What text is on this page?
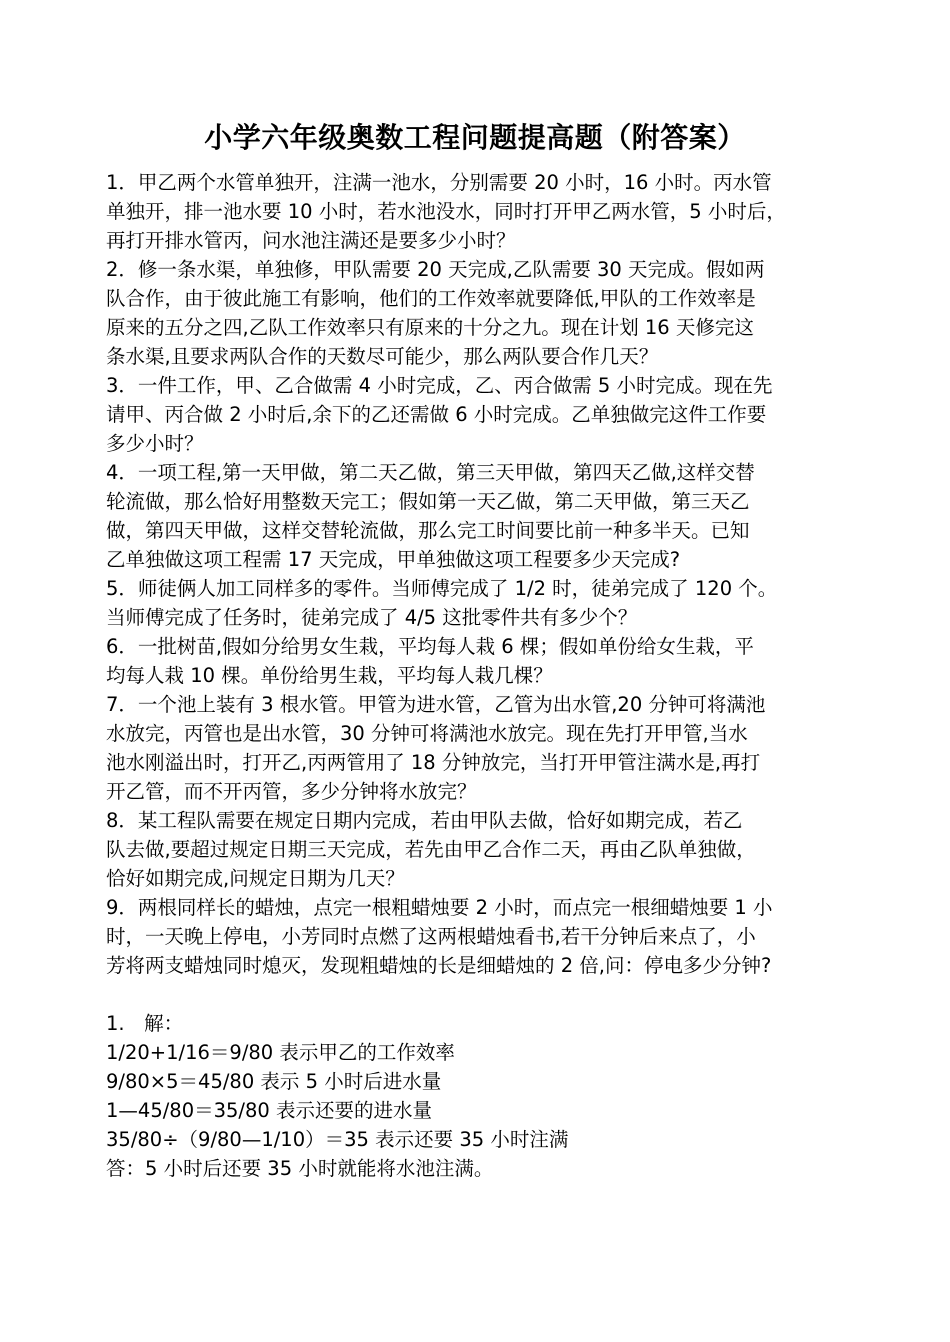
小学六年级奥数工程问题提高题（附答案）
1．甲乙两个水管单独开，注满一池水，分别需要 20 小时，16 小时。丙水管
单独开，排一池水要 10 小时，若水池没水，同时打开甲乙两水管，5 小时后，
再打开排水管丙，问水池注满还是要多少小时？
2．修一条水渠，单独修，甲队需要 20 天完成,乙队需要 30 天完成。假如两
队合作，由于彼此施工有影响，他们的工作效率就要降低,甲队的工作效率是
原来的五分之四,乙队工作效率只有原来的十分之九。现在计划 16 天修完这
条水渠,且要求两队合作的天数尽可能少，那么两队要合作几天？
3．一件工作，甲、乙合做需 4 小时完成，乙、丙合做需 5 小时完成。现在先
请甲、丙合做 2 小时后,余下的乙还需做 6 小时完成。乙单独做完这件工作要
多少小时？
4．一项工程,第一天甲做，第二天乙做，第三天甲做，第四天乙做,这样交替
轮流做，那么恰好用整数天完工；假如第一天乙做，第二天甲做，第三天乙
做，第四天甲做，这样交替轮流做，那么完工时间要比前一种多半天。已知
乙单独做这项工程需 17 天完成，甲单独做这项工程要多少天完成?
5．师徒俩人加工同样多的零件。当师傅完成了 1/2 时，徒弟完成了 120 个。
当师傅完成了任务时，徒弟完成了 4/5 这批零件共有多少个？
6．一批树苗,假如分给男女生栽，平均每人栽 6 棵；假如单份给女生栽，平
均每人栽 10 棵。单份给男生栽，平均每人栽几棵？
7．一个池上装有 3 根水管。甲管为进水管，乙管为出水管,20 分钟可将满池
水放完，丙管也是出水管，30 分钟可将满池水放完。现在先打开甲管,当水
池水刚溢出时，打开乙,丙两管用了 18 分钟放完，当打开甲管注满水是,再打
开乙管，而不开丙管，多少分钟将水放完？
8．某工程队需要在规定日期内完成，若由甲队去做，恰好如期完成，若乙
队去做,要超过规定日期三天完成，若先由甲乙合作二天，再由乙队单独做，
恰好如期完成,问规定日期为几天？
9．两根同样长的蜡烛，点完一根粗蜡烛要 2 小时，而点完一根细蜡烛要 1 小
时，一天晚上停电，小芳同时点燃了这两根蜡烛看书,若干分钟后来点了，小
芳将两支蜡烛同时熄灭，发现粗蜡烛的长是细蜡烛的 2 倍,问：停电多少分钟?
1.　解：
1/20+1/16＝9/80 表示甲乙的工作效率
9/80×5＝45/80 表示 5 小时后进水量
1—45/80＝35/80 表示还要的进水量
35/80÷（9/80—1/10）＝35 表示还要 35 小时注满
答：5 小时后还要 35 小时就能将水池注满。
